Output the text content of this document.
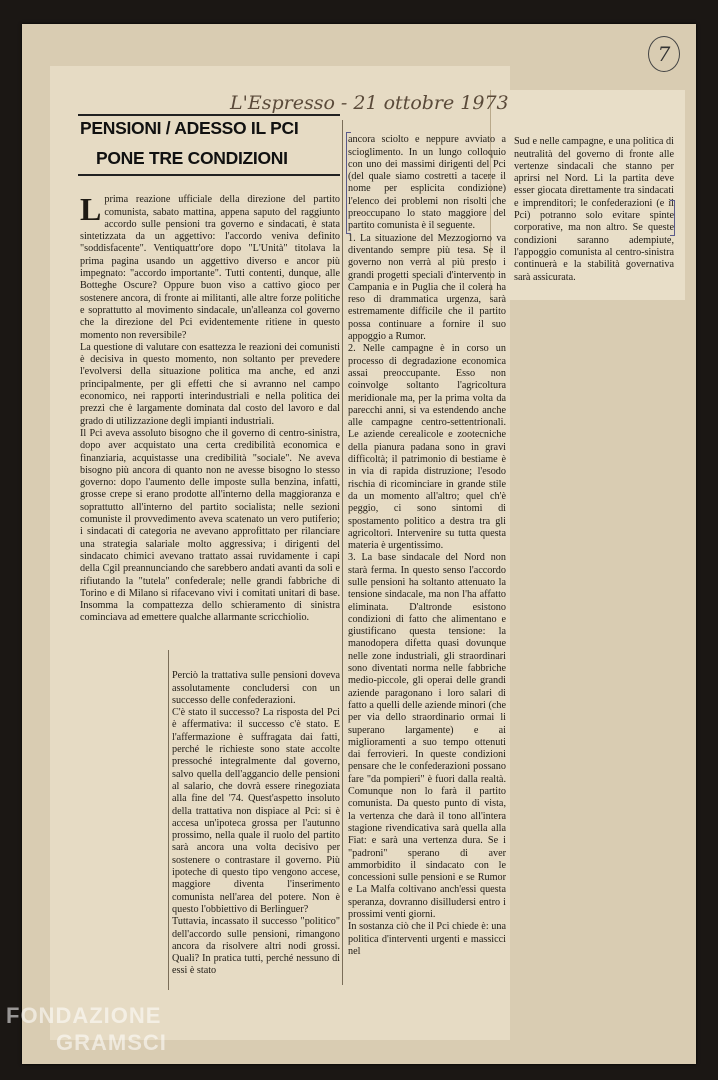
7
L'Espresso - 21 ottobre 1973
PENSIONI / ADESSO IL PCI
PONE TRE CONDIZIONI

Lprima reazione ufficiale della direzione del partito comunista, sabato mattina, appena saputo del raggiunto accordo sulle pensioni tra governo e sindacati, è stata sintetizzata da un aggettivo: l'accordo veniva definito "soddisfacente". Ventiquattr'ore dopo "L'Unità" titolava la prima pagina usando un aggettivo diverso e ancor più impegnato: "accordo importante". Tutti contenti, dunque, alle Botteghe Oscure? Oppure buon viso a cattivo gioco per sostenere ancora, di fronte ai militanti, alle altre forze politiche e soprattutto al movimento sindacale, un'alleanza col governo che la direzione del Pci evidentemente ritiene in questo momento non reversibile?
La questione di valutare con esattezza le reazioni dei comunisti è decisiva in questo momento, non soltanto per prevedere l'evolversi della situazione politica ma anche, ed anzi principalmente, per gli effetti che si avranno nel campo economico, nei rapporti interindustriali e nella politica dei prezzi che è largamente dominata dal costo del lavoro e dal grado di utilizzazione degli impianti industriali.
Il Pci aveva assoluto bisogno che il governo di centro-sinistra, dopo aver acquistato una certa credibilità economica e finanziaria, acquistasse una credibilità "sociale". Ne aveva bisogno più ancora di quanto non ne avesse bisogno lo stesso governo: dopo l'aumento delle imposte sulla benzina, infatti, grosse crepe si erano prodotte all'interno della maggioranza e soprattutto all'interno del partito socialista; nelle sezioni comuniste il provvedimento aveva scatenato un vero putiferio; i sindacati di categoria ne avevano approfittato per rilanciare una strategia salariale molto aggressiva; i dirigenti del sindacato chimici avevano trattato assai ruvidamente i capi della Cgil preannunciando che sarebbero andati avanti da soli e rifiutando la "tutela" confederale; nelle grandi fabbriche di Torino e di Milano si rifacevano vivi i comitati unitari di base. Insomma la compattezza dello schieramento di sinistra cominciava ad emettere qualche allarmante scricchiolio.

Perciò la trattativa sulle pensioni doveva assolutamente concludersi con un successo delle confederazioni.
C'è stato il successo? La risposta del Pci è affermativa: il successo c'è stato. E l'affermazione è suffragata dai fatti, perché le richieste sono state accolte pressoché integralmente dal governo, salvo quella dell'aggancio delle pensioni al salario, che dovrà essere rinegoziata alla fine del '74. Quest'aspetto insoluto della trattativa non dispiace al Pci: si è accesa un'ipoteca grossa per l'autunno prossimo, nella quale il ruolo del partito sarà ancora una volta decisivo per sostenere o contrastare il governo. Più ipoteche di questo tipo vengono accese, maggiore diventa l'inserimento comunista nell'area del potere. Non è questo l'obbiettivo di Berlinguer?
Tuttavia, incassato il successo "politico" dell'accordo sulle pensioni, rimangono ancora da risolvere altri nodi grossi. Quali? In pratica tutti, perché nessuno di essi è stato

ancora sciolto e neppure avviato a scioglimento. In un lungo colloquio con uno dei massimi dirigenti del Pci (del quale siamo costretti a tacere il nome per esplicita condizione) l'elenco dei problemi non risolti che preoccupano lo stato maggiore del partito comunista è il seguente.
1. La situazione del Mezzogiorno va diventando sempre più tesa. Se il governo non verrà al più presto i grandi progetti speciali d'intervento in Campania e in Puglia che il colera ha reso di drammatica urgenza, sarà estremamente difficile che il partito possa continuare a fornire il suo appoggio a Rumor.
2. Nelle campagne è in corso un processo di degradazione economica assai preoccupante. Esso non coinvolge soltanto l'agricoltura meridionale ma, per la prima volta da parecchi anni, si va estendendo anche alle campagne centro-settentrionali. Le aziende cerealicole e zootecniche della pianura padana sono in gravi difficoltà; il patrimonio di bestiame è in via di rapida distruzione; l'esodo rischia di ricominciare in grande stile da un momento all'altro; quel ch'è peggio, ci sono sintomi di spostamento politico a destra tra gli agricoltori. Intervenire su tutta questa materia è urgentissimo.
3. La base sindacale del Nord non starà ferma. In questo senso l'accordo sulle pensioni ha soltanto attenuato la tensione sindacale, ma non l'ha affatto eliminata. D'altronde esistono condizioni di fatto che alimentano e giustificano questa tensione: la manodopera difetta quasi dovunque nelle zone industriali, gli straordinari sono diventati norma nelle fabbriche medio-piccole, gli operai delle grandi aziende paragonano i loro salari di fatto a quelli delle aziende minori (che per via dello straordinario ormai li superano largamente) e ai miglioramenti a suo tempo ottenuti dai ferrovieri. In queste condizioni pensare che le confederazioni possano fare "da pompieri" è fuori dalla realtà. Comunque non lo farà il partito comunista. Da questo punto di vista, la vertenza che darà il tono all'intera stagione rivendicativa sarà quella alla Fiat: e sarà una vertenza dura. Se i "padroni" sperano di aver ammorbidito il sindacato con le concessioni sulle pensioni e se Rumor e La Malfa coltivano anch'essi questa speranza, dovranno disilludersi entro i prossimi venti giorni.
In sostanza ciò che il Pci chiede è: una politica d'interventi urgenti e massicci nel

Sud e nelle campagne, e una politica di neutralità del governo di fronte alle vertenze sindacali che stanno per aprirsi nel Nord. Li la partita deve esser giocata direttamente tra sindacati e imprenditori; le confederazioni (e il Pci) potranno solo evitare spinte corporative, ma non altro. Se queste condizioni saranno adempiute, l'appoggio comunista al centro-sinistra continuerà e la stabilità governativa sarà assicurata.

FONDAZIONE
GRAMSCI
